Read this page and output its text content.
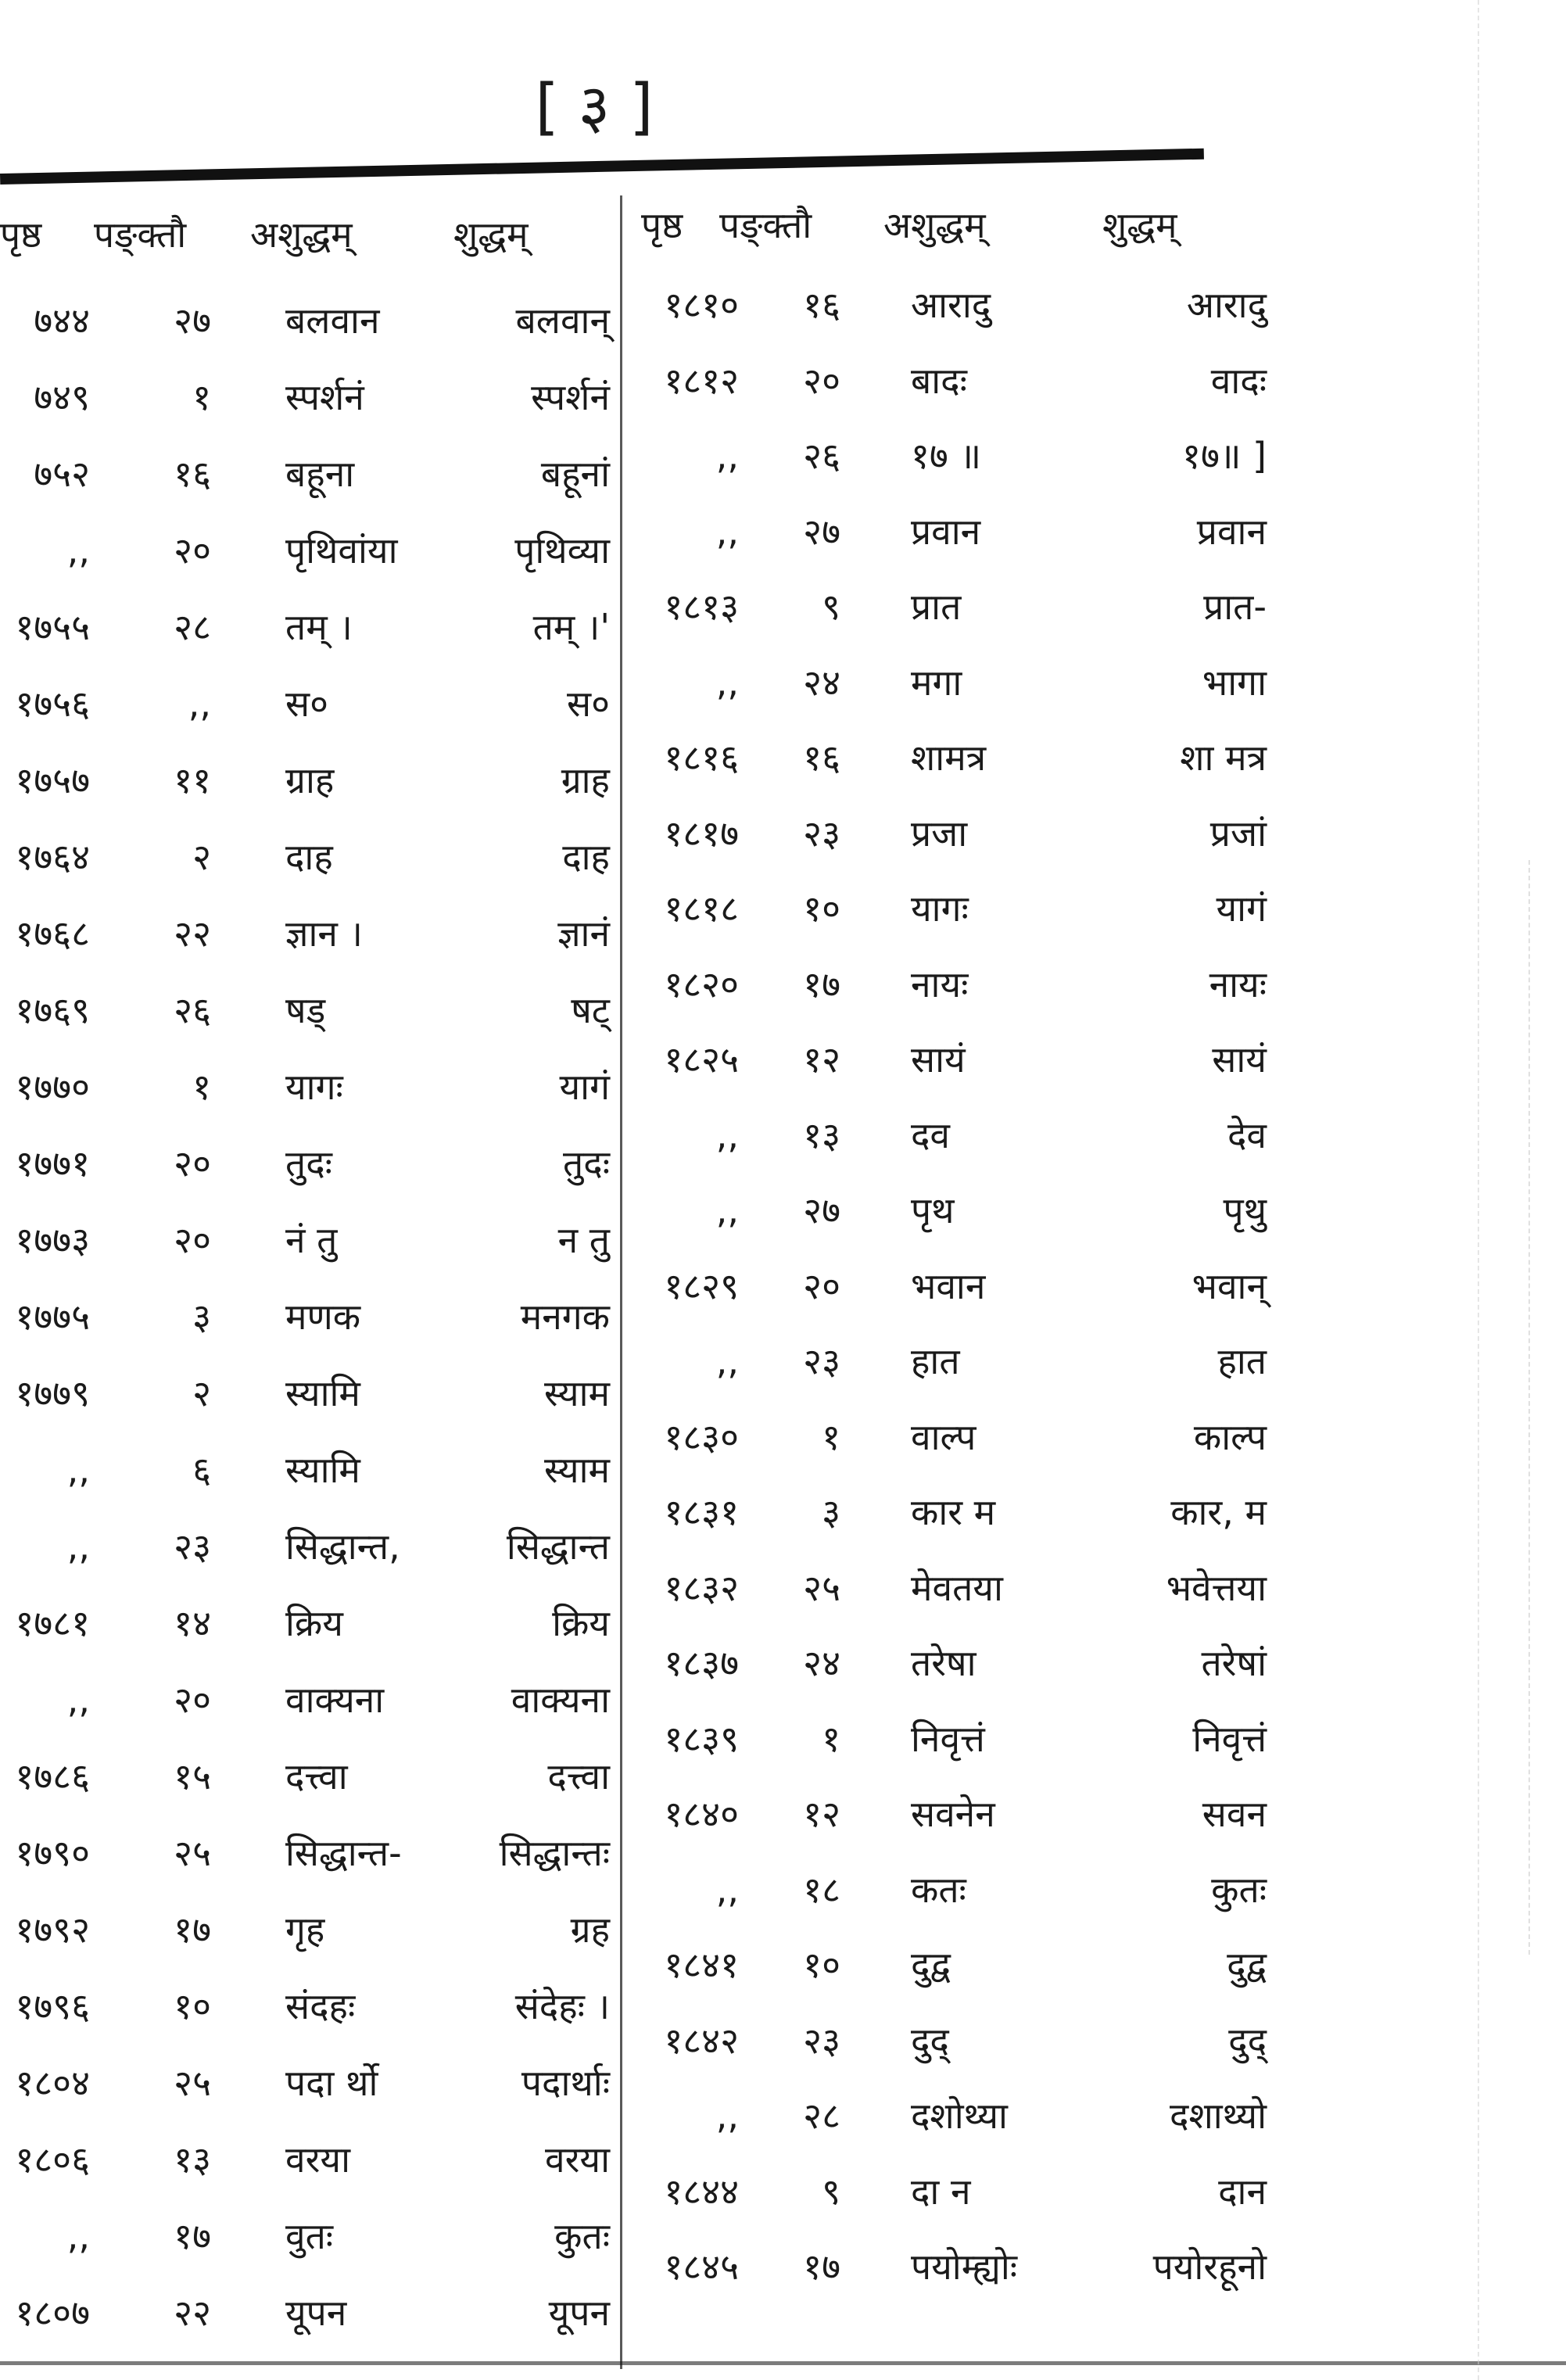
[ ३ ]
पृष्ठ	पङ्क्तौ	अशुद्धम्	शुद्धम्	पृष्ठ	पङ्क्तौ	अशुद्धम्	शुद्धम्
७४४	२७ बलवान	बलवान्
७४९	१ स्पर्शनं	स्पर्शनं
७५२	१६ बहूना	बहूनां
,,	२० पृथिवांया	पृथिव्या
१७५५	२८ तम् ।	तम् ।'
१७५६	,, स०	स०
१७५७	११ ग्राह	ग्राह
१७६४	२ दाह	दाह
१७६८	२२ ज्ञान ।	ज्ञानं
१७६९	२६ षड्	षट्
१७७०	१ यागः	यागं
१७७१	२० तुदः	तुदः
१७७३	२० नं तु	न तु
१७७५	३ मणक	मनगक
१७७९	२ स्यामि	स्याम
,,	६ स्यामि	स्याम
,,	२३ सिद्धान्त,	सिद्धान्त
१७८१	१४ क्रिय	क्रिय
,,	२० वाक्यना	वाक्यना
१७८६	१५ दत्त्वा	दत्त्वा
१७९०	२५ सिद्धान्त-	सिद्धान्तः
१७९२	१७ गृह	ग्रह
१७९६	१० संदहः	संदेहः ।
१८०४	२५ पदा र्थो	पदार्थाः
१८०६	१३ वरया	वरया
,,	१७ वुतः	कुतः
१८०७	२२ यूपन	यूपन
१८१०	१६ आरादु	आरादु
१८१२	२० बादः	वादः
,,	२६ १७ ॥	१७॥ ]
,,	२७ प्रवान	प्रवान
१८१३	९ प्रात	प्रात-
,,	२४ मगा	भागा
१८१६	१६ शामत्र	शा मत्र
१८१७	२३ प्रजा	प्रजां
१८१८	१० यागः	यागं
१८२०	१७ नायः	नायः
१८२५	१२ सायं	सायं
,,	१३ दव	देव
,,	२७ पृथ	पृथु
१८२९	२० भवान	भवान्
,,	२३ हात	हात
१८३०	१ वाल्प	काल्प
१८३१	३ कार म	कार, म
१८३२	२५ मेवतया	भवेत्तया
१८३७	२४ तरेषा	तरेषां
१८३९	१ निवृत्तं	निवृत्तं
१८४०	१२ सवनेन	सवन
,,	१८ कतः	कुतः
१८४१	१० दुद्व	दुद्व
१८४२	२३ दुद्	दुद्
,,	२८ दशोथ्या	दशाथ्यो
१८४४	९ दा न	दान
१८४५	१७ पयोम्ह्योः	पयोरहूनो
